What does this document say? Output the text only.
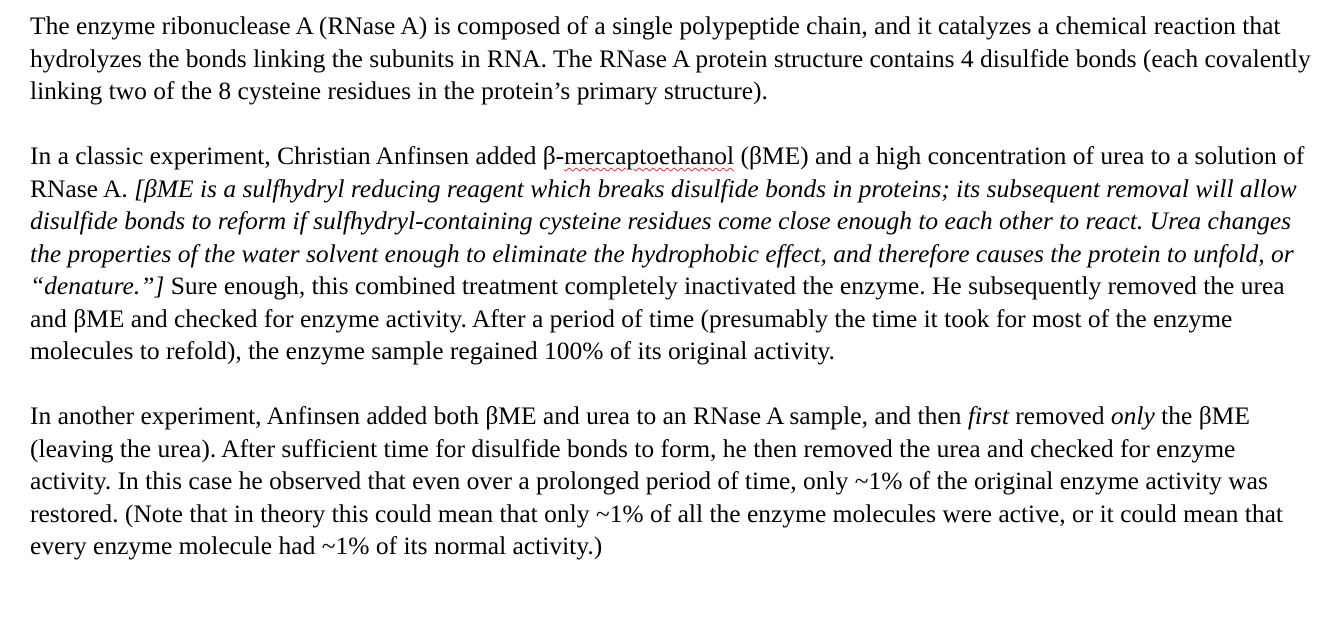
The enzyme ribonuclease A (RNase A) is composed of a single polypeptide chain, and it catalyzes a chemical reaction that hydrolyzes the bonds linking the subunits in RNA. The RNase A protein structure contains 4 disulfide bonds (each covalently linking two of the 8 cysteine residues in the protein’s primary structure).

In a classic experiment, Christian Anfinsen added β-mercaptoethanol (βME) and a high concentration of urea to a solution of RNase A. [βME is a sulfhydryl reducing reagent which breaks disulfide bonds in proteins; its subsequent removal will allow disulfide bonds to reform if sulfhydryl-containing cysteine residues come close enough to each other to react. Urea changes the properties of the water solvent enough to eliminate the hydrophobic effect, and therefore causes the protein to unfold, or “denature.”] Sure enough, this combined treatment completely inactivated the enzyme. He subsequently removed the urea and βME and checked for enzyme activity. After a period of time (presumably the time it took for most of the enzyme molecules to refold), the enzyme sample regained 100% of its original activity.

In another experiment, Anfinsen added both βME and urea to an RNase A sample, and then first removed only the βME (leaving the urea). After sufficient time for disulfide bonds to form, he then removed the urea and checked for enzyme activity. In this case he observed that even over a prolonged period of time, only ~1% of the original enzyme activity was restored. (Note that in theory this could mean that only ~1% of all the enzyme molecules were active, or it could mean that every enzyme molecule had ~1% of its normal activity.)
